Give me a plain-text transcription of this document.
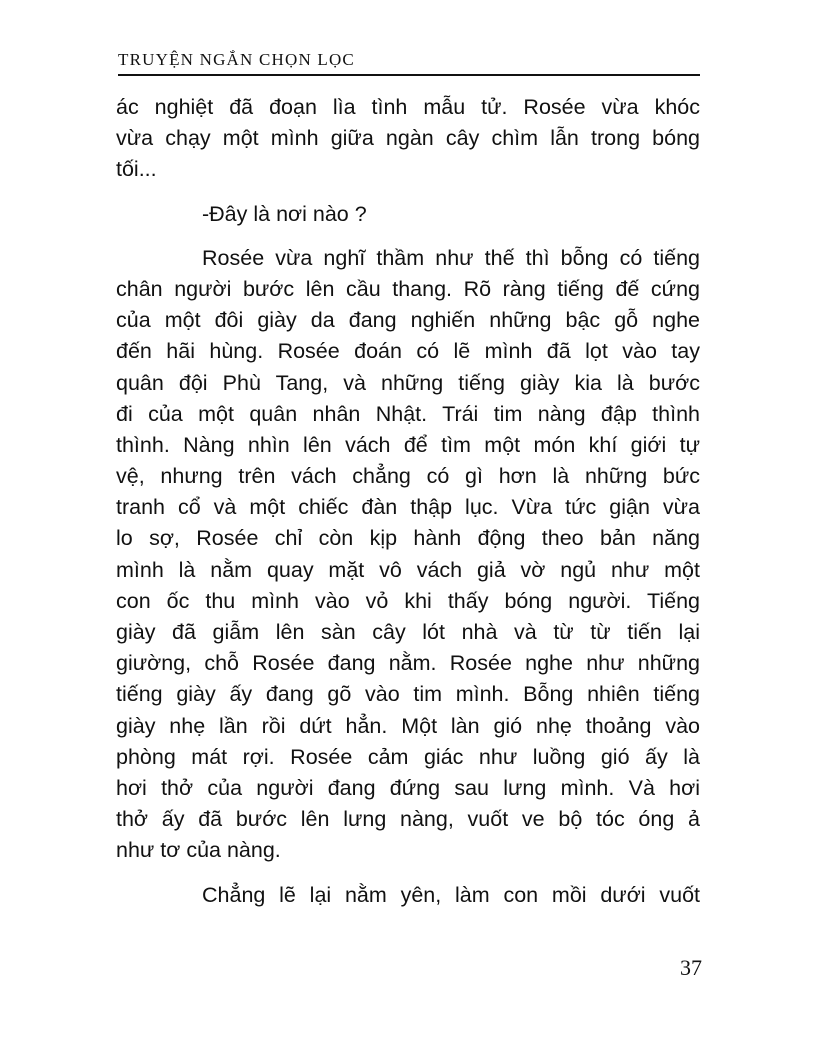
TRUYỆN NGẮN CHỌN LỌC
ác nghiệt đã đoạn lìa tình mẫu tử. Rosée vừa khóc
vừa chạy một mình giữa ngàn cây chìm lẫn trong bóng
tối...
-Đây là nơi nào ?
Rosée vừa nghĩ thầm như thế thì bỗng có tiếng
chân người bước lên cầu thang. Rõ ràng tiếng đế cứng
của một đôi giày da đang nghiến những bậc gỗ nghe
đến hãi hùng. Rosée đoán có lẽ mình đã lọt vào tay
quân đội Phù Tang, và những tiếng giày kia là bước
đi của một quân nhân Nhật. Trái tim nàng đập thình
thình. Nàng nhìn lên vách để tìm một món khí giới tự
vệ, nhưng trên vách chẳng có gì hơn là những bức
tranh cổ và một chiếc đàn thập lục. Vừa tức giận vừa
lo sợ, Rosée chỉ còn kịp hành động theo bản năng
mình là nằm quay mặt vô vách giả vờ ngủ như một
con ốc thu mình vào vỏ khi thấy bóng người. Tiếng
giày đã giẫm lên sàn cây lót nhà và từ từ tiến lại
giường, chỗ Rosée đang nằm. Rosée nghe như những
tiếng giày ấy đang gõ vào tim mình. Bỗng nhiên tiếng
giày nhẹ lần rồi dứt hẳn. Một làn gió nhẹ thoảng vào
phòng mát rợi. Rosée cảm giác như luồng gió ấy là
hơi thở của người đang đứng sau lưng mình. Và hơi
thở ấy đã bước lên lưng nàng, vuốt ve bộ tóc óng ả
như tơ của nàng.
Chẳng lẽ lại nằm yên, làm con mồi dưới vuốt
37
